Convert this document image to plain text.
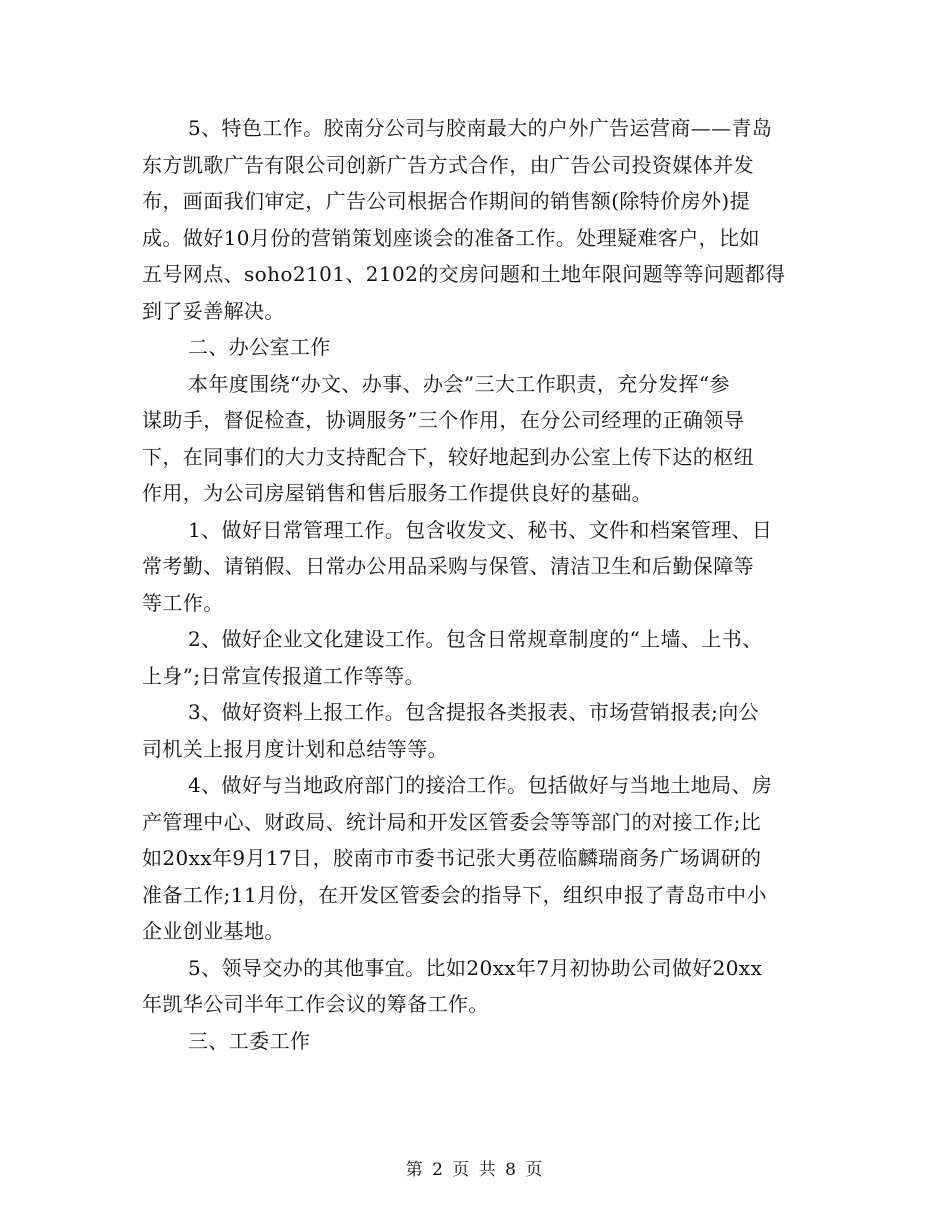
5、特色工作。胶南分公司与胶南最大的户外广告运营商——青岛
东方凯歌广告有限公司创新广告方式合作，由广告公司投资媒体并发
布，画面我们审定，广告公司根据合作期间的销售额(除特价房外)提
成。做好10月份的营销策划座谈会的准备工作。处理疑难客户，比如
五号网点、soho2101、2102的交房问题和土地年限问题等等问题都得
到了妥善解决。
二、办公室工作
本年度围绕“办文、办事、办会”三大工作职责，充分发挥“参
谋助手，督促检查，协调服务”三个作用，在分公司经理的正确领导
下，在同事们的大力支持配合下，较好地起到办公室上传下达的枢纽
作用，为公司房屋销售和售后服务工作提供良好的基础。
1、做好日常管理工作。包含收发文、秘书、文件和档案管理、日
常考勤、请销假、日常办公用品采购与保管、清洁卫生和后勤保障等
等工作。
2、做好企业文化建设工作。包含日常规章制度的“上墙、上书、
上身”;日常宣传报道工作等等。
3、做好资料上报工作。包含提报各类报表、市场营销报表;向公
司机关上报月度计划和总结等等。
4、做好与当地政府部门的接洽工作。包括做好与当地土地局、房
产管理中心、财政局、统计局和开发区管委会等等部门的对接工作;比
如20xx年9月17日，胶南市市委书记张大勇莅临麟瑞商务广场调研的
准备工作;11月份，在开发区管委会的指导下，组织申报了青岛市中小
企业创业基地。
5、领导交办的其他事宜。比如20xx年7月初协助公司做好20xx
年凯华公司半年工作会议的筹备工作。
三、工委工作
第 2 页 共 8 页
